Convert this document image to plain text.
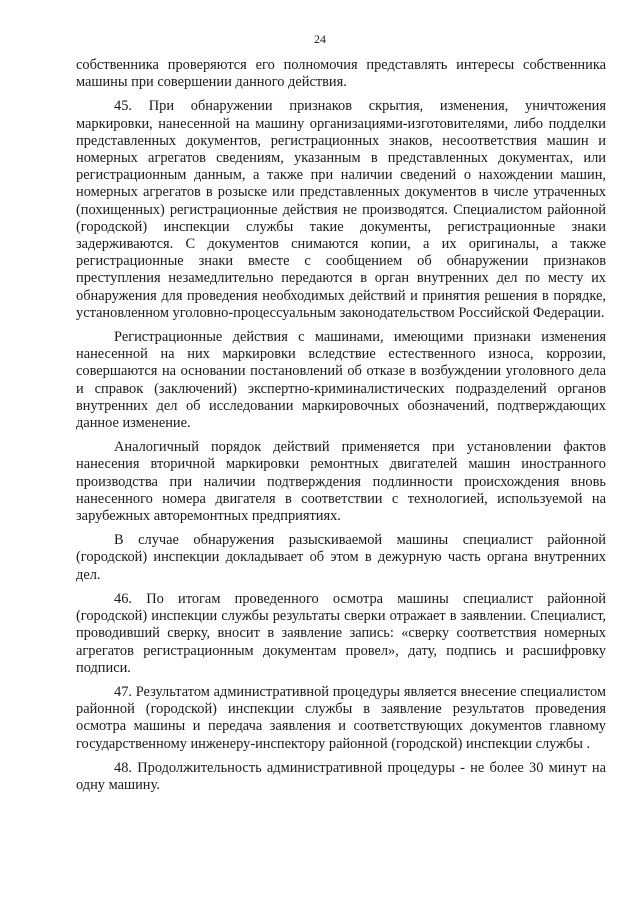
24

собственника проверяются его полномочия представлять интересы собственника машины при совершении данного действия.

45. При обнаружении признаков скрытия, изменения, уничтожения маркировки, нанесенной на машину организациями-изготовителями, либо подделки представленных документов, регистрационных знаков, несоответствия машин и номерных агрегатов сведениям, указанным в представленных документах, или регистрационным данным, а также при наличии сведений о нахождении машин, номерных агрегатов в розыске или представленных документов в числе утраченных (похищенных) регистрационные действия не производятся. Специалистом районной (городской) инспекции службы такие документы, регистрационные знаки задерживаются. С документов снимаются копии, а их оригиналы, а также регистрационные знаки вместе с сообщением об обнаружении признаков преступления незамедлительно передаются в орган внутренних дел по месту их обнаружения для проведения необходимых действий и принятия решения в порядке, установленном уголовно-процессуальным законодательством Российской Федерации.

Регистрационные действия с машинами, имеющими признаки изменения нанесенной на них маркировки вследствие естественного износа, коррозии, совершаются на основании постановлений об отказе в возбуждении уголовного дела и справок (заключений) экспертно-криминалистических подразделений органов внутренних дел об исследовании маркировочных обозначений, подтверждающих данное изменение.

Аналогичный порядок действий применяется при установлении фактов нанесения вторичной маркировки ремонтных двигателей машин иностранного производства при наличии подтверждения подлинности происхождения вновь нанесенного номера двигателя в соответствии с технологией, используемой на зарубежных авторемонтных предприятиях.

В случае обнаружения разыскиваемой машины специалист районной (городской) инспекции докладывает об этом в дежурную часть органа внутренних дел.

46. По итогам проведенного осмотра машины специалист районной (городской) инспекции службы результаты сверки отражает в заявлении. Специалист, проводивший сверку, вносит в заявление запись: «сверку соответствия номерных агрегатов регистрационным документам провел», дату, подпись и расшифровку подписи.

47. Результатом административной процедуры является внесение специалистом районной (городской) инспекции службы в заявление результатов проведения осмотра машины и передача заявления и соответствующих документов главному государственному инженеру-инспектору районной (городской) инспекции службы .

48. Продолжительность административной процедуры - не более 30 минут на одну машину.
